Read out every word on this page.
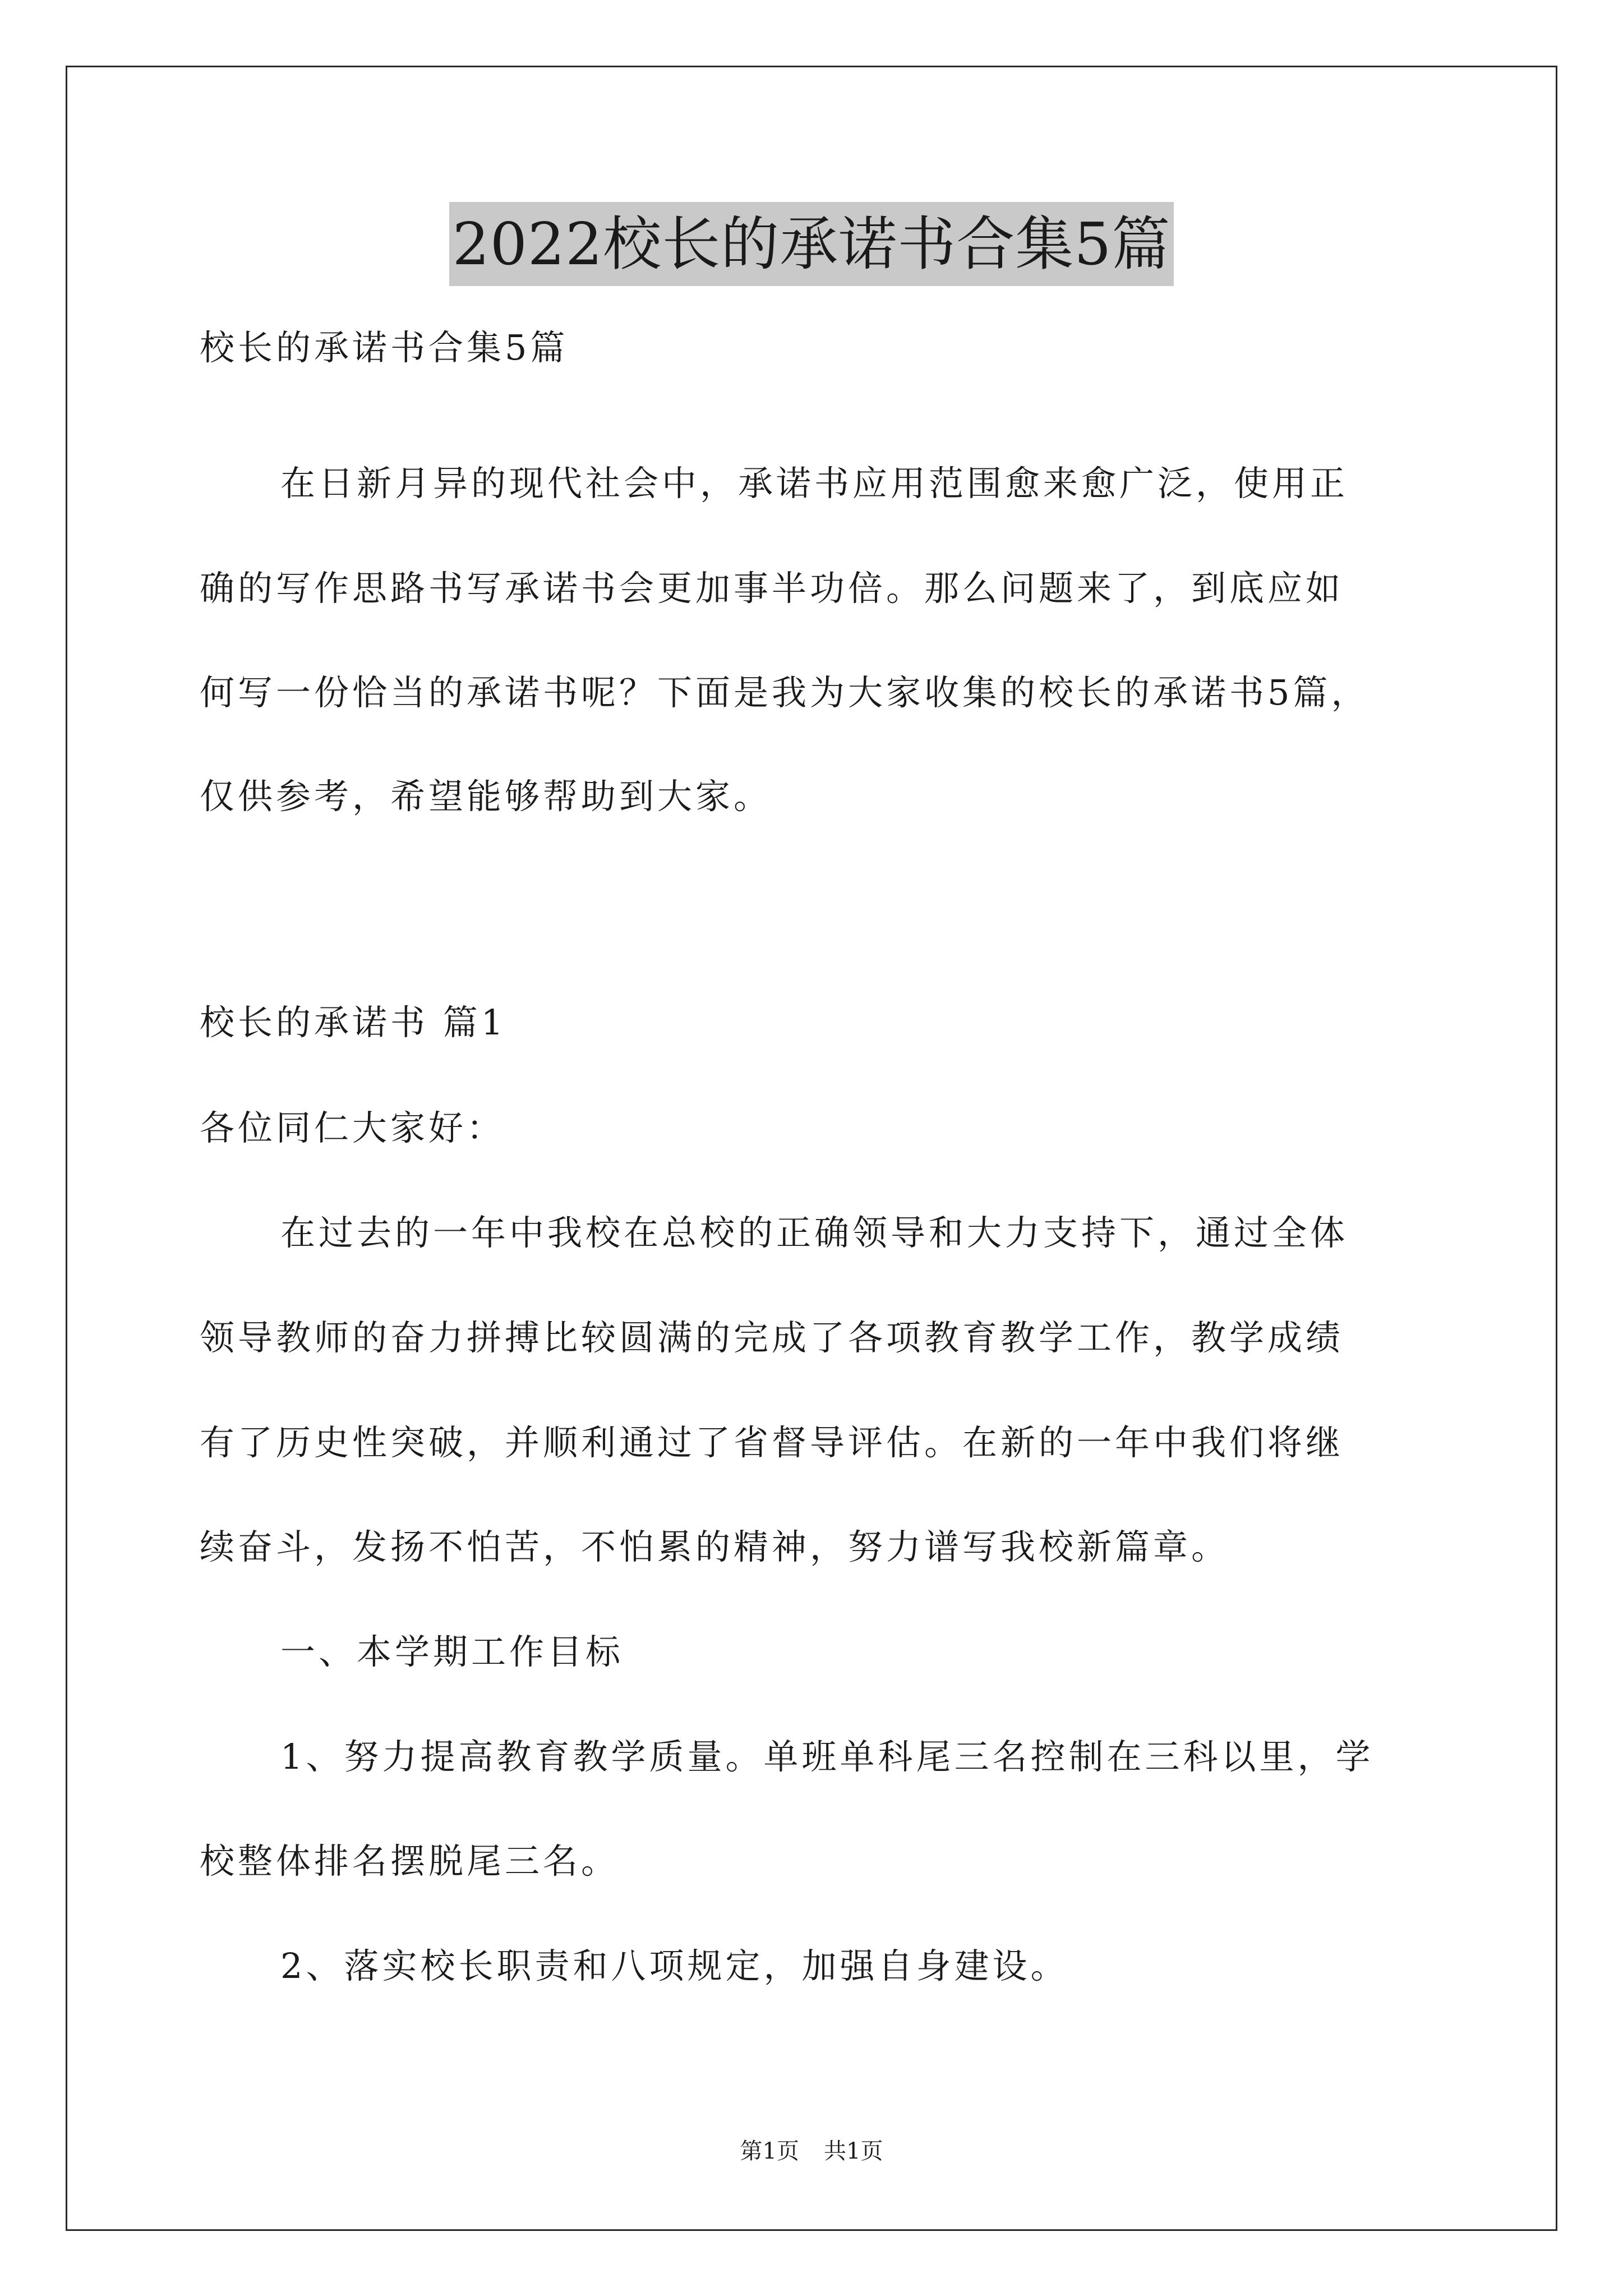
2022校长的承诺书合集5篇

校长的承诺书合集5篇

在日新月异的现代社会中，承诺书应用范围愈来愈广泛，使用正

确的写作思路书写承诺书会更加事半功倍。那么问题来了，到底应如

何写一份恰当的承诺书呢？下面是我为大家收集的校长的承诺书5篇，

仅供参考，希望能够帮助到大家。

校长的承诺书 篇1

各位同仁大家好：

在过去的一年中我校在总校的正确领导和大力支持下，通过全体

领导教师的奋力拼搏比较圆满的完成了各项教育教学工作，教学成绩

有了历史性突破，并顺利通过了省督导评估。在新的一年中我们将继

续奋斗，发扬不怕苦，不怕累的精神，努力谱写我校新篇章。

一、本学期工作目标

1、努力提高教育教学质量。单班单科尾三名控制在三科以里，学

校整体排名摆脱尾三名。

2、落实校长职责和八项规定，加强自身建设。

第1页 共1页
